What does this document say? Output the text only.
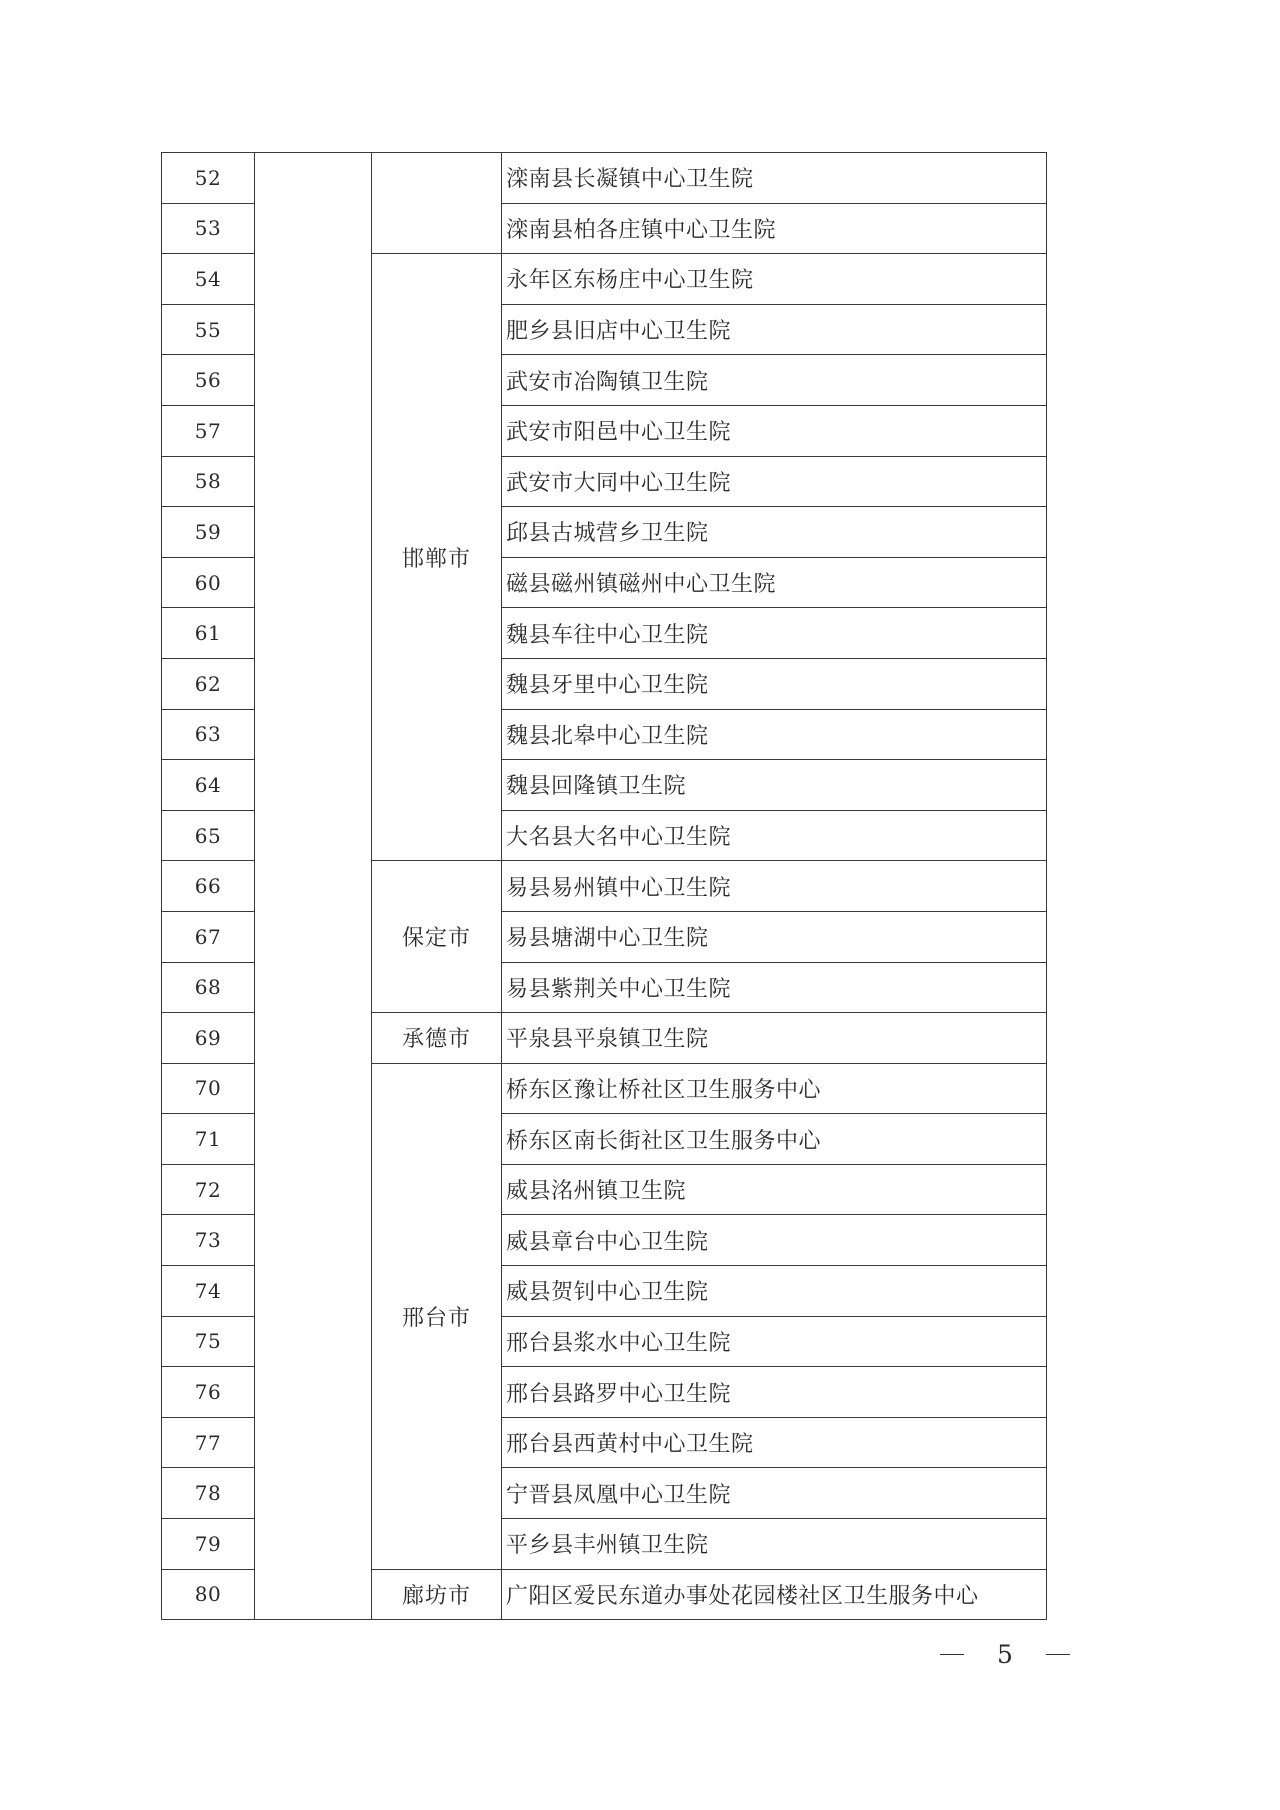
52			滦南县长凝镇中心卫生院
53			滦南县柏各庄镇中心卫生院
54		邯郸市	永年区东杨庄中心卫生院
55			肥乡县旧店中心卫生院
56			武安市冶陶镇卫生院
57			武安市阳邑中心卫生院
58			武安市大同中心卫生院
59			邱县古城营乡卫生院
60			磁县磁州镇磁州中心卫生院
61			魏县车往中心卫生院
62			魏县牙里中心卫生院
63			魏县北皋中心卫生院
64			魏县回隆镇卫生院
65			大名县大名中心卫生院
66		保定市	易县易州镇中心卫生院
67			易县塘湖中心卫生院
68			易县紫荆关中心卫生院
69		承德市	平泉县平泉镇卫生院
70		邢台市	桥东区豫让桥社区卫生服务中心
71			桥东区南长街社区卫生服务中心
72			威县洺州镇卫生院
73			威县章台中心卫生院
74			威县贺钊中心卫生院
75			邢台县浆水中心卫生院
76			邢台县路罗中心卫生院
77			邢台县西黄村中心卫生院
78			宁晋县凤凰中心卫生院
79			平乡县丰州镇卫生院
80		廊坊市	广阳区爱民东道办事处花园楼社区卫生服务中心
5
